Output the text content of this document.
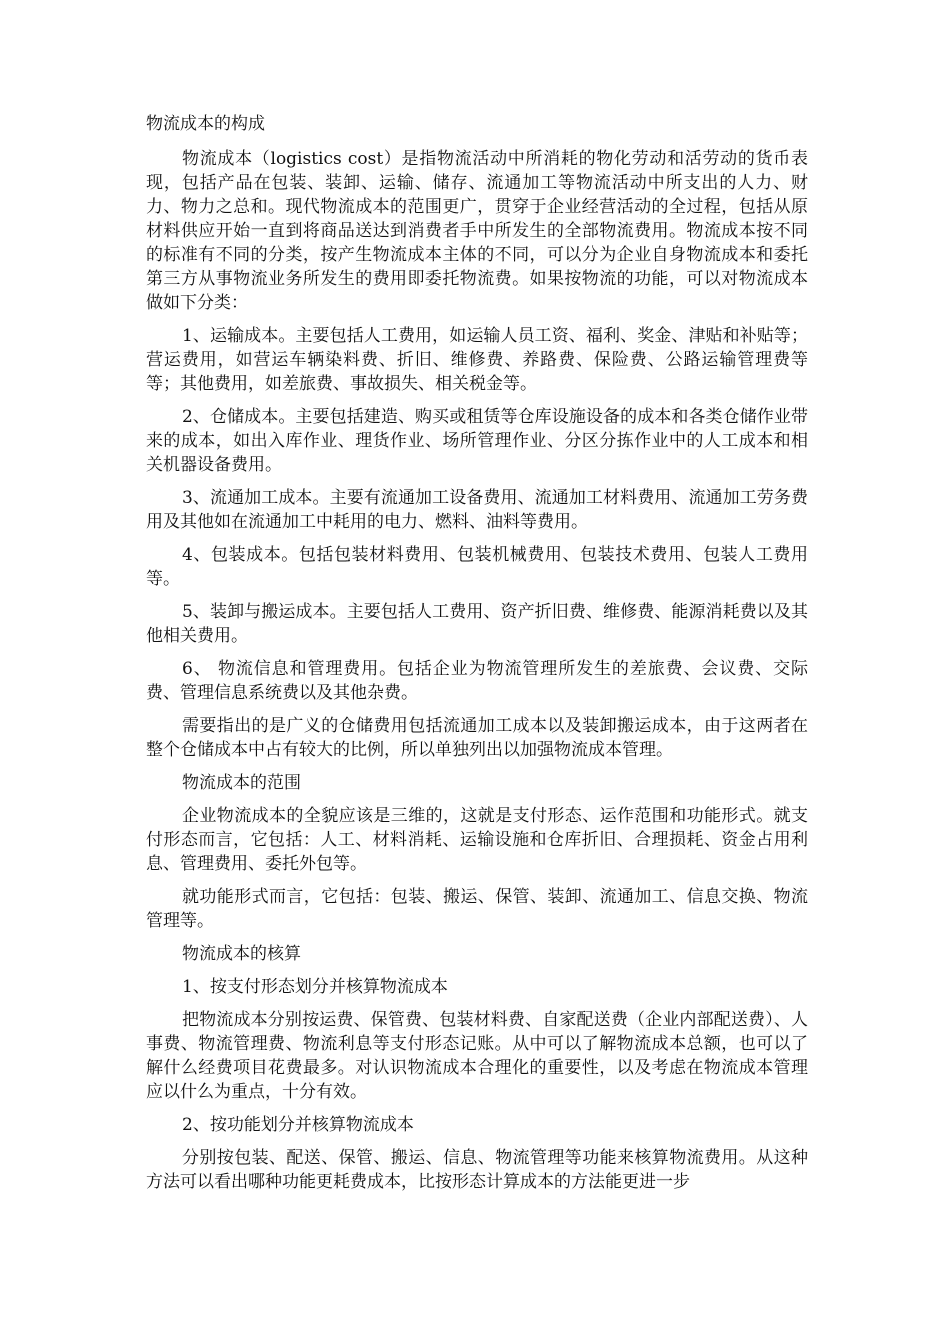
物流成本的构成

物流成本（logistics cost）是指物流活动中所消耗的物化劳动和活劳动的货币表现，包括产品在包装、装卸、运输、储存、流通加工等物流活动中所支出的人力、财力、物力之总和。现代物流成本的范围更广，贯穿于企业经营活动的全过程，包括从原材料供应开始一直到将商品送达到消费者手中所发生的全部物流费用。物流成本按不同的标准有不同的分类，按产生物流成本主体的不同，可以分为企业自身物流成本和委托第三方从事物流业务所发生的费用即委托物流费。如果按物流的功能，可以对物流成本做如下分类：

1、运输成本。主要包括人工费用，如运输人员工资、福利、奖金、津贴和补贴等；营运费用，如营运车辆染料费、折旧、维修费、养路费、保险费、公路运输管理费等等；其他费用，如差旅费、事故损失、相关税金等。

2、仓储成本。主要包括建造、购买或租赁等仓库设施设备的成本和各类仓储作业带来的成本，如出入库作业、理货作业、场所管理作业、分区分拣作业中的人工成本和相关机器设备费用。

3、流通加工成本。主要有流通加工设备费用、流通加工材料费用、流通加工劳务费用及其他如在流通加工中耗用的电力、燃料、油料等费用。

4、包装成本。包括包装材料费用、包装机械费用、包装技术费用、包装人工费用等。

5、装卸与搬运成本。主要包括人工费用、资产折旧费、维修费、能源消耗费以及其他相关费用。

6、 物流信息和管理费用。包括企业为物流管理所发生的差旅费、会议费、交际费、管理信息系统费以及其他杂费。

需要指出的是广义的仓储费用包括流通加工成本以及装卸搬运成本，由于这两者在整个仓储成本中占有较大的比例，所以单独列出以加强物流成本管理。

物流成本的范围

企业物流成本的全貌应该是三维的，这就是支付形态、运作范围和功能形式。就支付形态而言，它包括：人工、材料消耗、运输设施和仓库折旧、合理损耗、资金占用利息、管理费用、委托外包等。

就功能形式而言，它包括：包装、搬运、保管、装卸、流通加工、信息交换、物流管理等。

物流成本的核算

1、按支付形态划分并核算物流成本

把物流成本分别按运费、保管费、包装材料费、自家配送费（企业内部配送费）、人事费、物流管理费、物流利息等支付形态记账。从中可以了解物流成本总额，也可以了解什么经费项目花费最多。对认识物流成本合理化的重要性，以及考虑在物流成本管理应以什么为重点，十分有效。

2、按功能划分并核算物流成本

分别按包装、配送、保管、搬运、信息、物流管理等功能来核算物流费用。从这种方法可以看出哪种功能更耗费成本，比按形态计算成本的方法能更进一步
